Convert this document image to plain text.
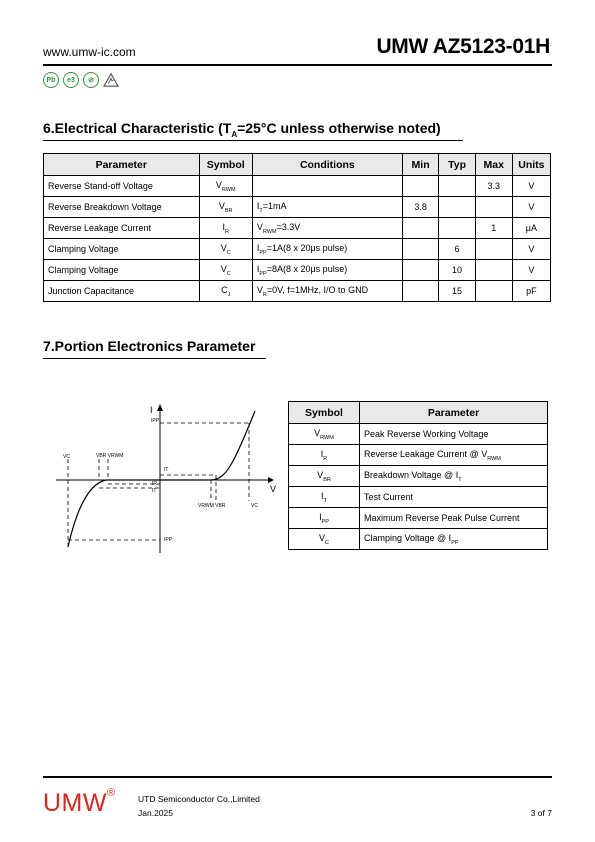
www.umw-ic.com	UMW AZ5123-01H
Pb	e3	⊘
6.Electrical Characteristic ($T_A=25^\circ C$ unless otherwise noted)
Parameter	Symbol	Conditions	Min	Typ	Max	Units
Reverse Stand-off Voltage	$V_{RWM}$				3.3	V
Reverse Breakdown Voltage	$V_{BR}$	$I_T=1mA$	3.8			V
Reverse Leakage Current	$I_R$	$V_{RWM}=3.3V$			1	μA
Clamping Voltage	$V_C$	$I_{PP}=1A(8$ x 20μs pulse)		6		V
Clamping Voltage	$V_C$	$I_{PP}=8A(8$ x 20μs pulse)		10		V
Junction Capacitance	$C_J$	$V_R=0V$, f=1MHz, I/O to GND		15		pF
7.Portion Electronics Parameter
I
V
VC	VBR VRWM
IPP
IT
IR
IT
VRWM VBR	VC
IPP
Symbol	Parameter
$V_{RWM}$	Peak Reverse Working Voltage
$I_R$	Reverse Leakage Current @ $V_{RWM}$
$V_{BR}$	Breakdown Voltage @ $I_T$
$I_T$	Test Current
$I_{PP}$	Maximum Reverse Peak Pulse Current
$V_C$	Clamping Voltage @ $I_{PP}$
UMW®	UTD Semiconductor Co.,Limited
Jan.2025	3 of 7
